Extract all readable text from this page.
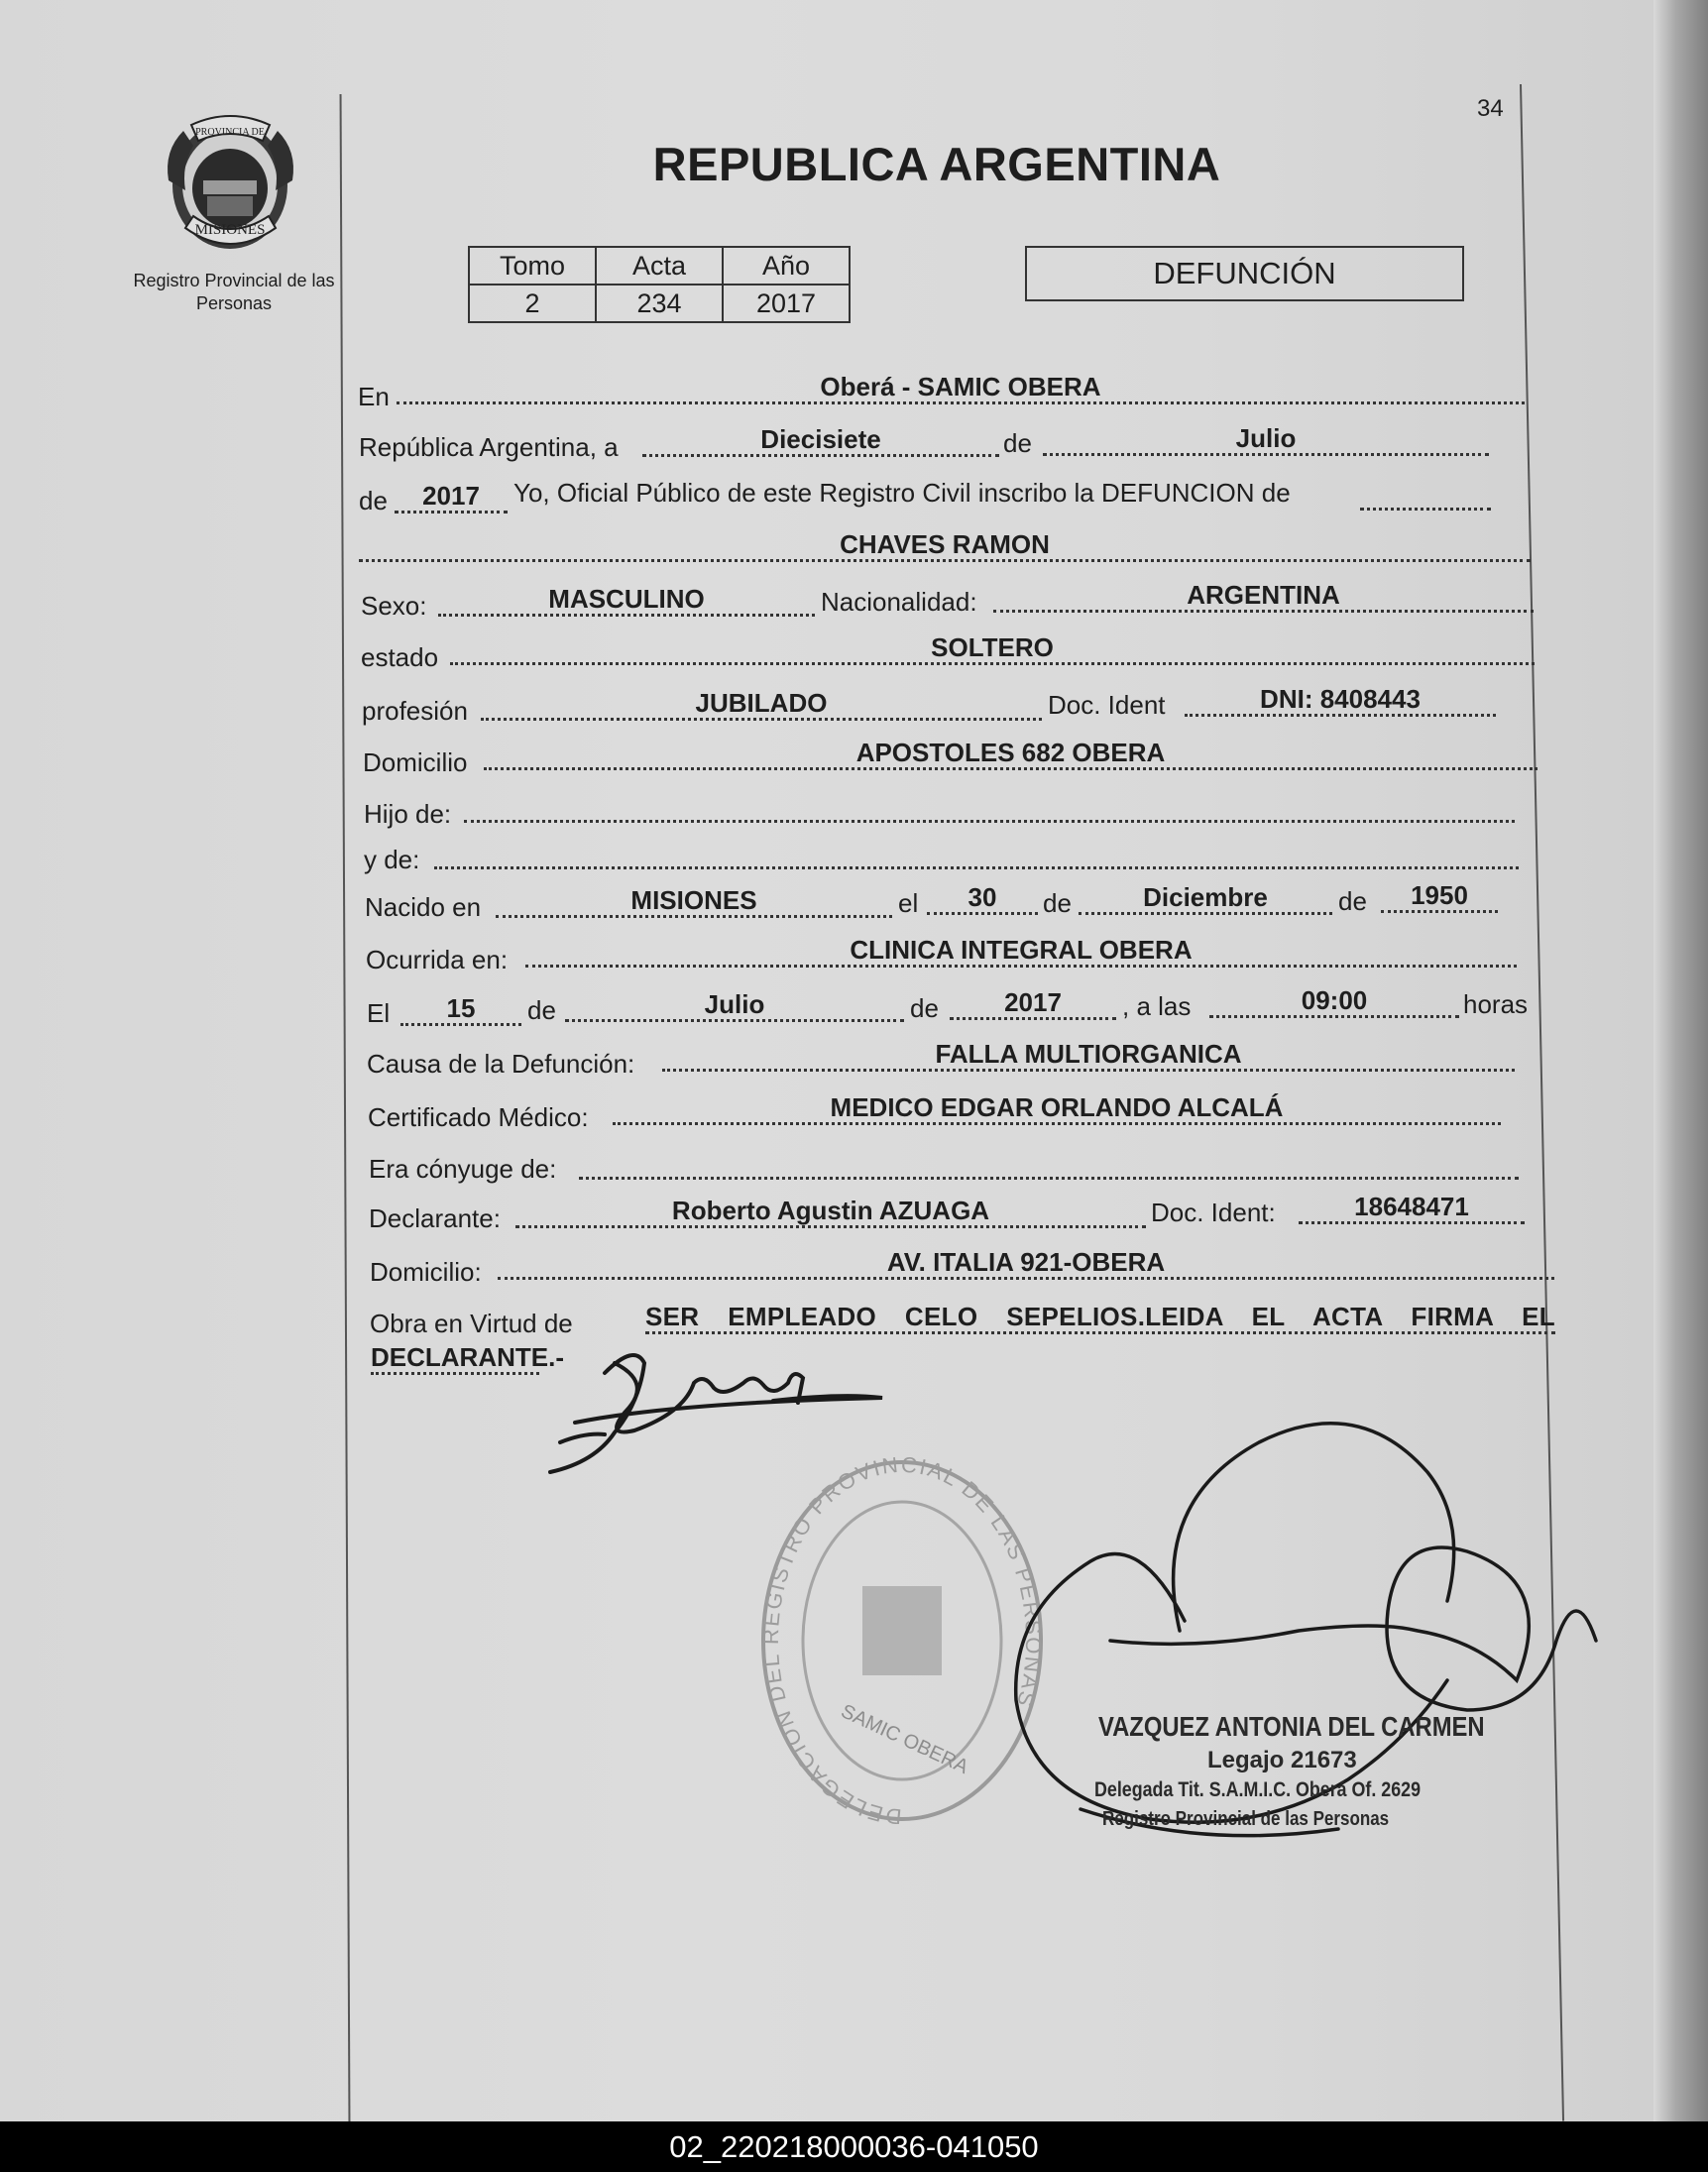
PROVINCIA DE
MISIONES
Registro Provincial de las Personas
34
REPUBLICA ARGENTINA
Tomo	Acta	Año
2	234	2017
DEFUNCIÓN
En	Oberá - SAMIC OBERA
República Argentina, a	Diecisiete	de	Julio
de	2017	Yo, Oficial Público de este Registro Civil inscribo la DEFUNCION de
CHAVES RAMON
Sexo:	MASCULINO	Nacionalidad:	ARGENTINA
estado	SOLTERO
profesión	JUBILADO	Doc. Ident	DNI: 8408443
Domicilio	APOSTOLES 682 OBERA
Hijo de:
y de:
Nacido en	MISIONES	el	30	de	Diciembre	de	1950
Ocurrida en:	CLINICA INTEGRAL OBERA
El	15	de	Julio	de	2017	, a las	09:00	horas
Causa de la Defunción:	FALLA MULTIORGANICA
Certificado Médico:	MEDICO EDGAR ORLANDO ALCALÁ
Era cónyuge de:
Declarante:	Roberto Agustin AZUAGA	Doc. Ident:	18648471
Domicilio:	AV. ITALIA 921-OBERA
Obra en Virtud de	SER EMPLEADO CELO SEPELIOS.LEIDA EL ACTA FIRMA EL
DECLARANTE.-
DELEGACION DEL REGISTRO PROVINCIAL DE LAS PERSONAS
SAMIC OBERA	VAZQUEZ ANTONIA DEL CARMEN
Legajo 21673
Delegada Tit. S.A.M.I.C. Oberá Of. 2629
Registro Provincial de las Personas
02_220218000036-041050
